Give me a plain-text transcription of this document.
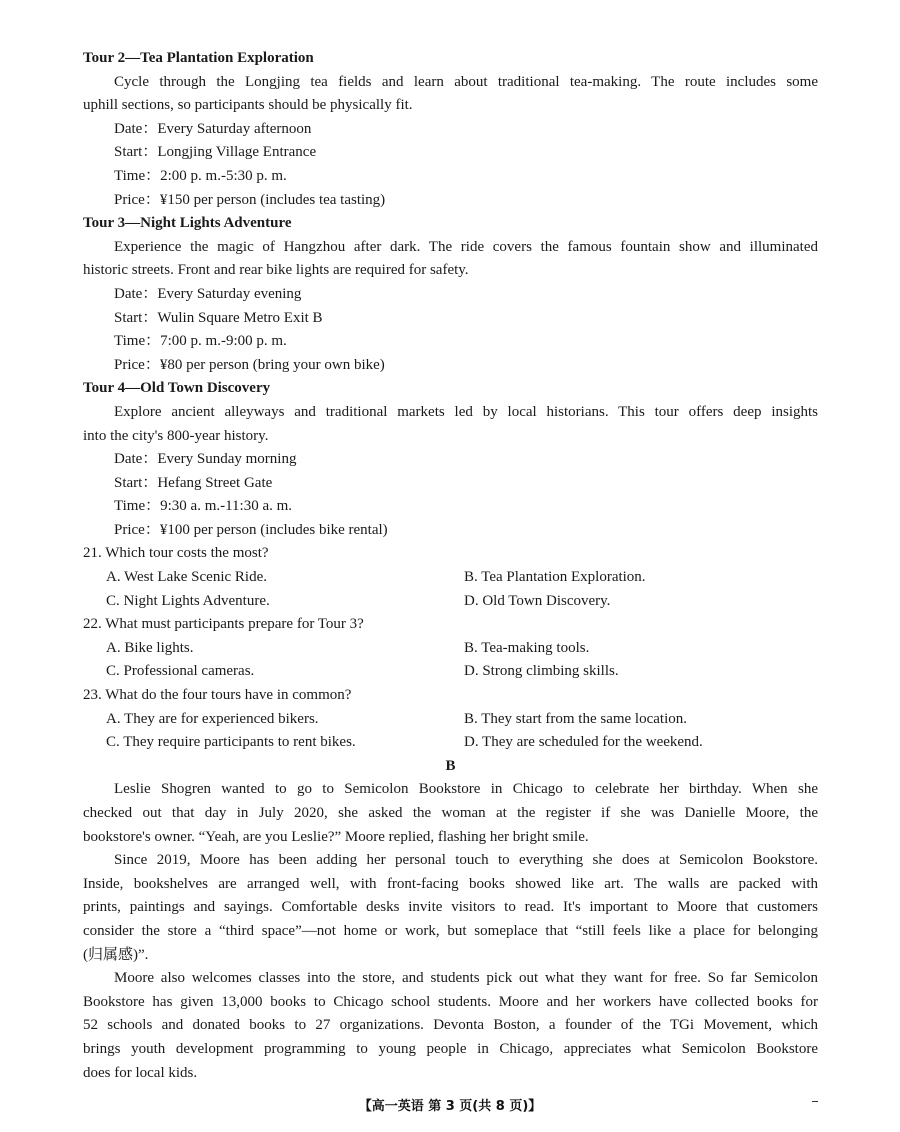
Tour 2—Tea Plantation Exploration
Cycle through the Longjing tea fields and learn about traditional tea-making. The route includes some
uphill sections, so participants should be physically fit.
Date：Every Saturday afternoon
Start：Longjing Village Entrance
Time：2:00 p. m.-5:30 p. m.
Price：¥150 per person (includes tea tasting)
Tour 3—Night Lights Adventure
Experience the magic of Hangzhou after dark. The ride covers the famous fountain show and illuminated
historic streets. Front and rear bike lights are required for safety.
Date：Every Saturday evening
Start：Wulin Square Metro Exit B
Time：7:00 p. m.-9:00 p. m.
Price：¥80 per person (bring your own bike)
Tour 4—Old Town Discovery
Explore ancient alleyways and traditional markets led by local historians. This tour offers deep insights
into the city's 800-year history.
Date：Every Sunday morning
Start：Hefang Street Gate
Time：9:30 a. m.-11:30 a. m.
Price：¥100 per person (includes bike rental)
21. Which tour costs the most?
A. West Lake Scenic Ride.	B. Tea Plantation Exploration.
C. Night Lights Adventure.	D. Old Town Discovery.
22. What must participants prepare for Tour 3?
A. Bike lights.	B. Tea-making tools.
C. Professional cameras.	D. Strong climbing skills.
23. What do the four tours have in common?
A. They are for experienced bikers.	B. They start from the same location.
C. They require participants to rent bikes.	D. They are scheduled for the weekend.
B
Leslie Shogren wanted to go to Semicolon Bookstore in Chicago to celebrate her birthday. When she
checked out that day in July 2020, she asked the woman at the register if she was Danielle Moore, the
bookstore's owner. “Yeah, are you Leslie?” Moore replied, flashing her bright smile.
Since 2019, Moore has been adding her personal touch to everything she does at Semicolon Bookstore.
Inside, bookshelves are arranged well, with front-facing books showed like art. The walls are packed with
prints, paintings and sayings. Comfortable desks invite visitors to read. It's important to Moore that customers
consider the store a “third space”—not home or work, but someplace that “still feels like a place for belonging
(归属感)”.
Moore also welcomes classes into the store, and students pick out what they want for free. So far Semicolon
Bookstore has given 13,000 books to Chicago school students. Moore and her workers have collected books for
52 schools and donated books to 27 organizations. Devonta Boston, a founder of the TGi Movement, which
brings youth development programming to young people in Chicago, appreciates what Semicolon Bookstore
does for local kids.
【高一英语 第 3 页(共 8 页)】
